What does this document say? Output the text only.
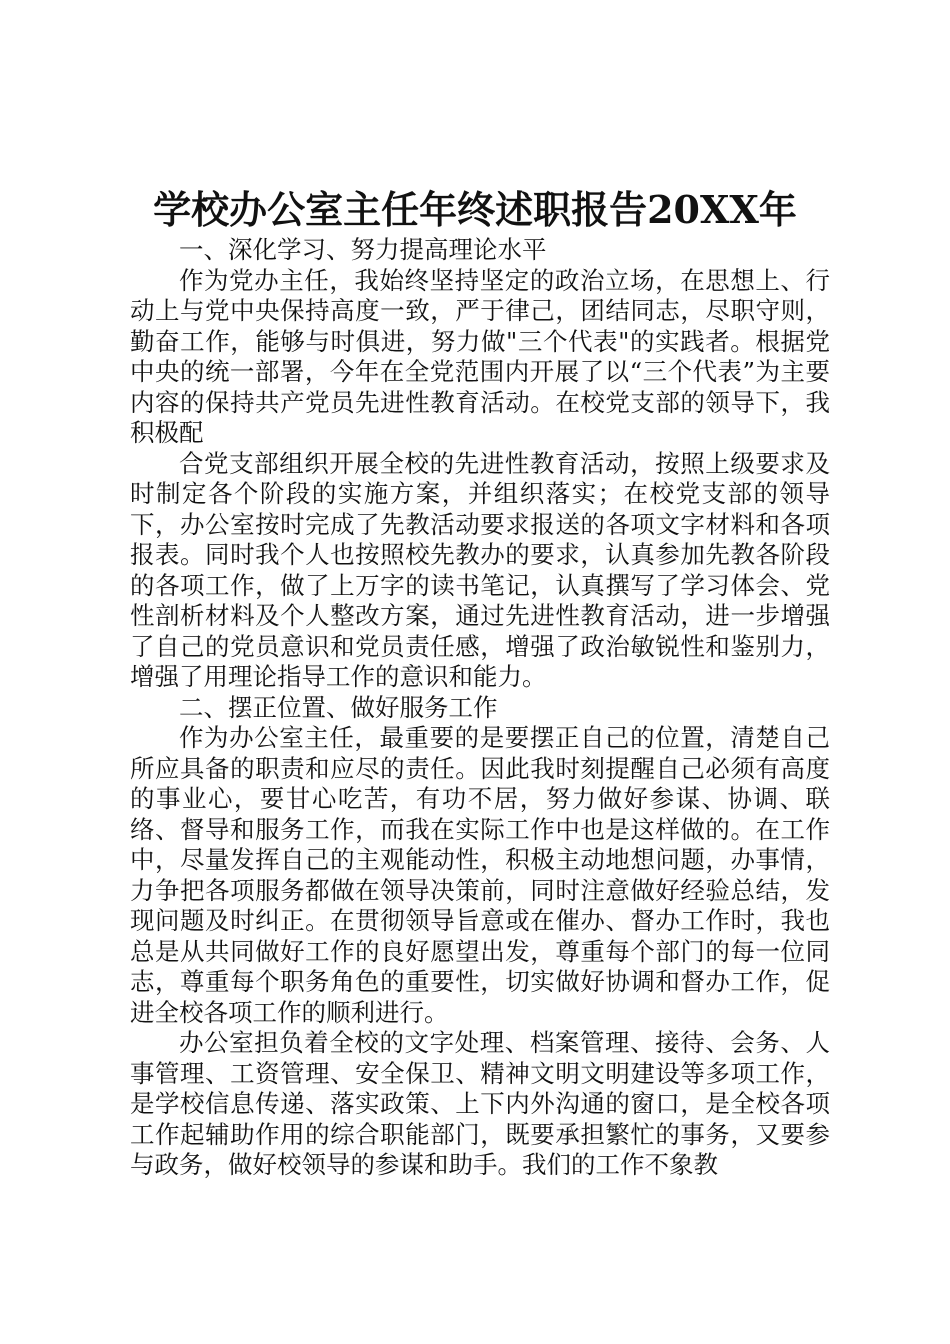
学校办公室主任年终述职报告20XX年

一、深化学习、努力提高理论水平

作为党办主任，我始终坚持坚定的政治立场，在思想上、行动上与党中央保持高度一致，严于律己，团结同志，尽职守则，勤奋工作，能够与时俱进，努力做"三个代表"的实践者。根据党中央的统一部署，今年在全党范围内开展了以“三个代表”为主要内容的保持共产党员先进性教育活动。在校党支部的领导下，我积极配

合党支部组织开展全校的先进性教育活动，按照上级要求及时制定各个阶段的实施方案，并组织落实；在校党支部的领导下，办公室按时完成了先教活动要求报送的各项文字材料和各项报表。同时我个人也按照校先教办的要求，认真参加先教各阶段的各项工作，做了上万字的读书笔记，认真撰写了学习体会、党性剖析材料及个人整改方案，通过先进性教育活动，进一步增强了自己的党员意识和党员责任感，增强了政治敏锐性和鉴别力，增强了用理论指导工作的意识和能力。

二、摆正位置、做好服务工作

作为办公室主任，最重要的是要摆正自己的位置，清楚自己所应具备的职责和应尽的责任。因此我时刻提醒自己必须有高度的事业心，要甘心吃苦，有功不居，努力做好参谋、协调、联络、督导和服务工作，而我在实际工作中也是这样做的。在工作中，尽量发挥自己的主观能动性，积极主动地想问题，办事情，力争把各项服务都做在领导决策前，同时注意做好经验总结，发现问题及时纠正。在贯彻领导旨意或在催办、督办工作时，我也总是从共同做好工作的良好愿望出发，尊重每个部门的每一位同志，尊重每个职务角色的重要性，切实做好协调和督办工作，促进全校各项工作的顺利进行。

办公室担负着全校的文字处理、档案管理、接待、会务、人事管理、工资管理、安全保卫、精神文明文明建设等多项工作，是学校信息传递、落实政策、上下内外沟通的窗口，是全校各项工作起辅助作用的综合职能部门，既要承担繁忙的事务，又要参与政务，做好校领导的参谋和助手。我们的工作不象教
